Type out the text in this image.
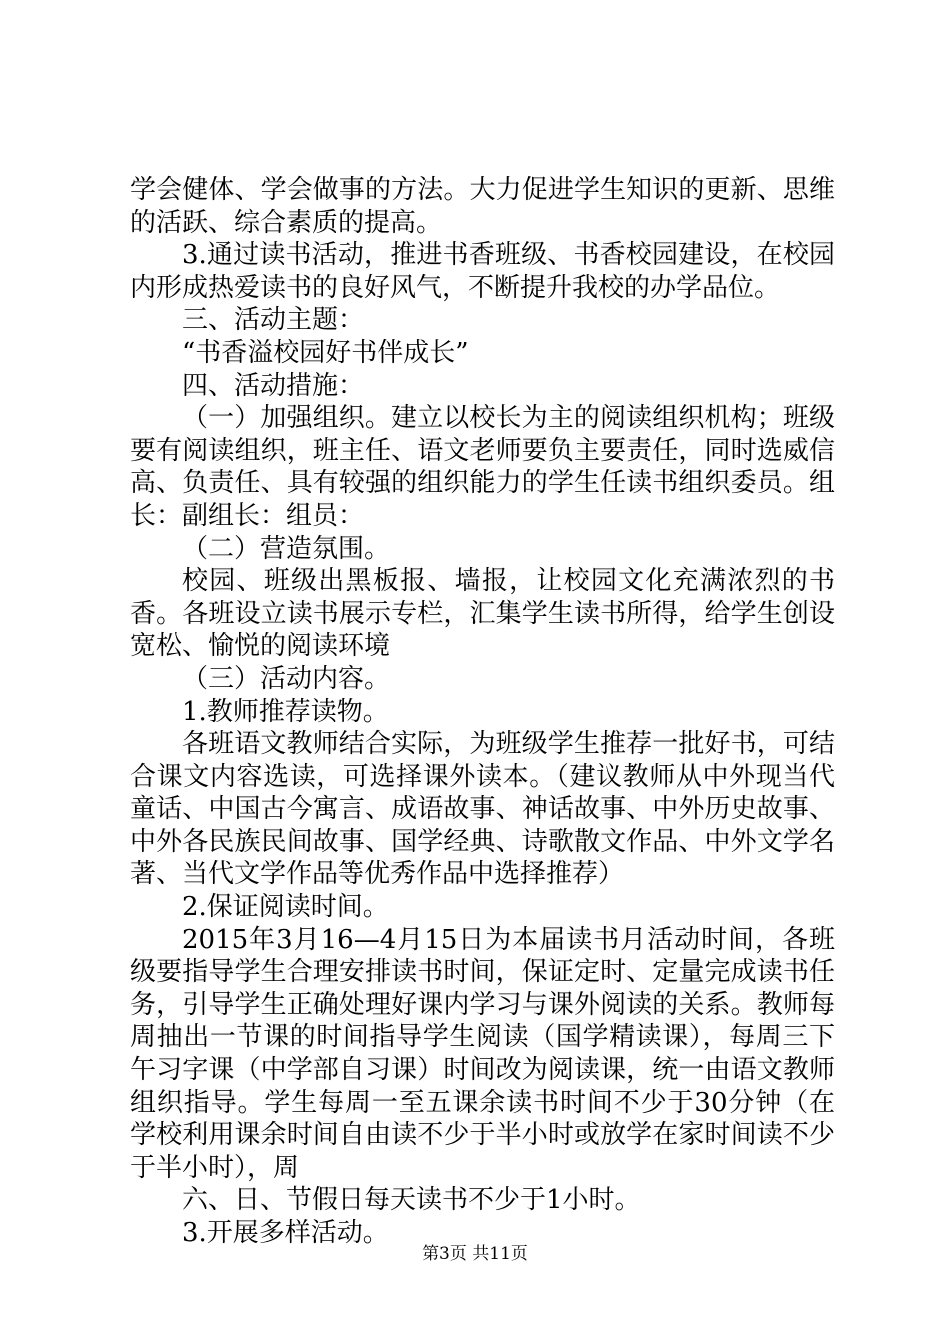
学会健体、学会做事的方法。大力促进学生知识的更新、思维的活跃、综合素质的提高。

3.通过读书活动，推进书香班级、书香校园建设，在校园内形成热爱读书的良好风气，不断提升我校的办学品位。

三、活动主题：

“书香溢校园好书伴成长”

四、活动措施：

（一）加强组织。建立以校长为主的阅读组织机构；班级要有阅读组织，班主任、语文老师要负主要责任，同时选威信高、负责任、具有较强的组织能力的学生任读书组织委员。组长：副组长：组员：

（二）营造氛围。

校园、班级出黑板报、墙报，让校园文化充满浓烈的书香。各班设立读书展示专栏，汇集学生读书所得，给学生创设宽松、愉悦的阅读环境

（三）活动内容。

1.教师推荐读物。

各班语文教师结合实际，为班级学生推荐一批好书，可结合课文内容选读，可选择课外读本。（建议教师从中外现当代童话、中国古今寓言、成语故事、神话故事、中外历史故事、中外各民族民间故事、国学经典、诗歌散文作品、中外文学名著、当代文学作品等优秀作品中选择推荐）

2.保证阅读时间。

2015年3月16—4月15日为本届读书月活动时间，各班级要指导学生合理安排读书时间，保证定时、定量完成读书任务，引导学生正确处理好课内学习与课外阅读的关系。教师每周抽出一节课的时间指导学生阅读（国学精读课），每周三下午习字课（中学部自习课）时间改为阅读课，统一由语文教师组织指导。学生每周一至五课余读书时间不少于30分钟（在学校利用课余时间自由读不少于半小时或放学在家时间读不少于半小时），周

六、日、节假日每天读书不少于1小时。

3.开展多样活动。

第3页 共11页
